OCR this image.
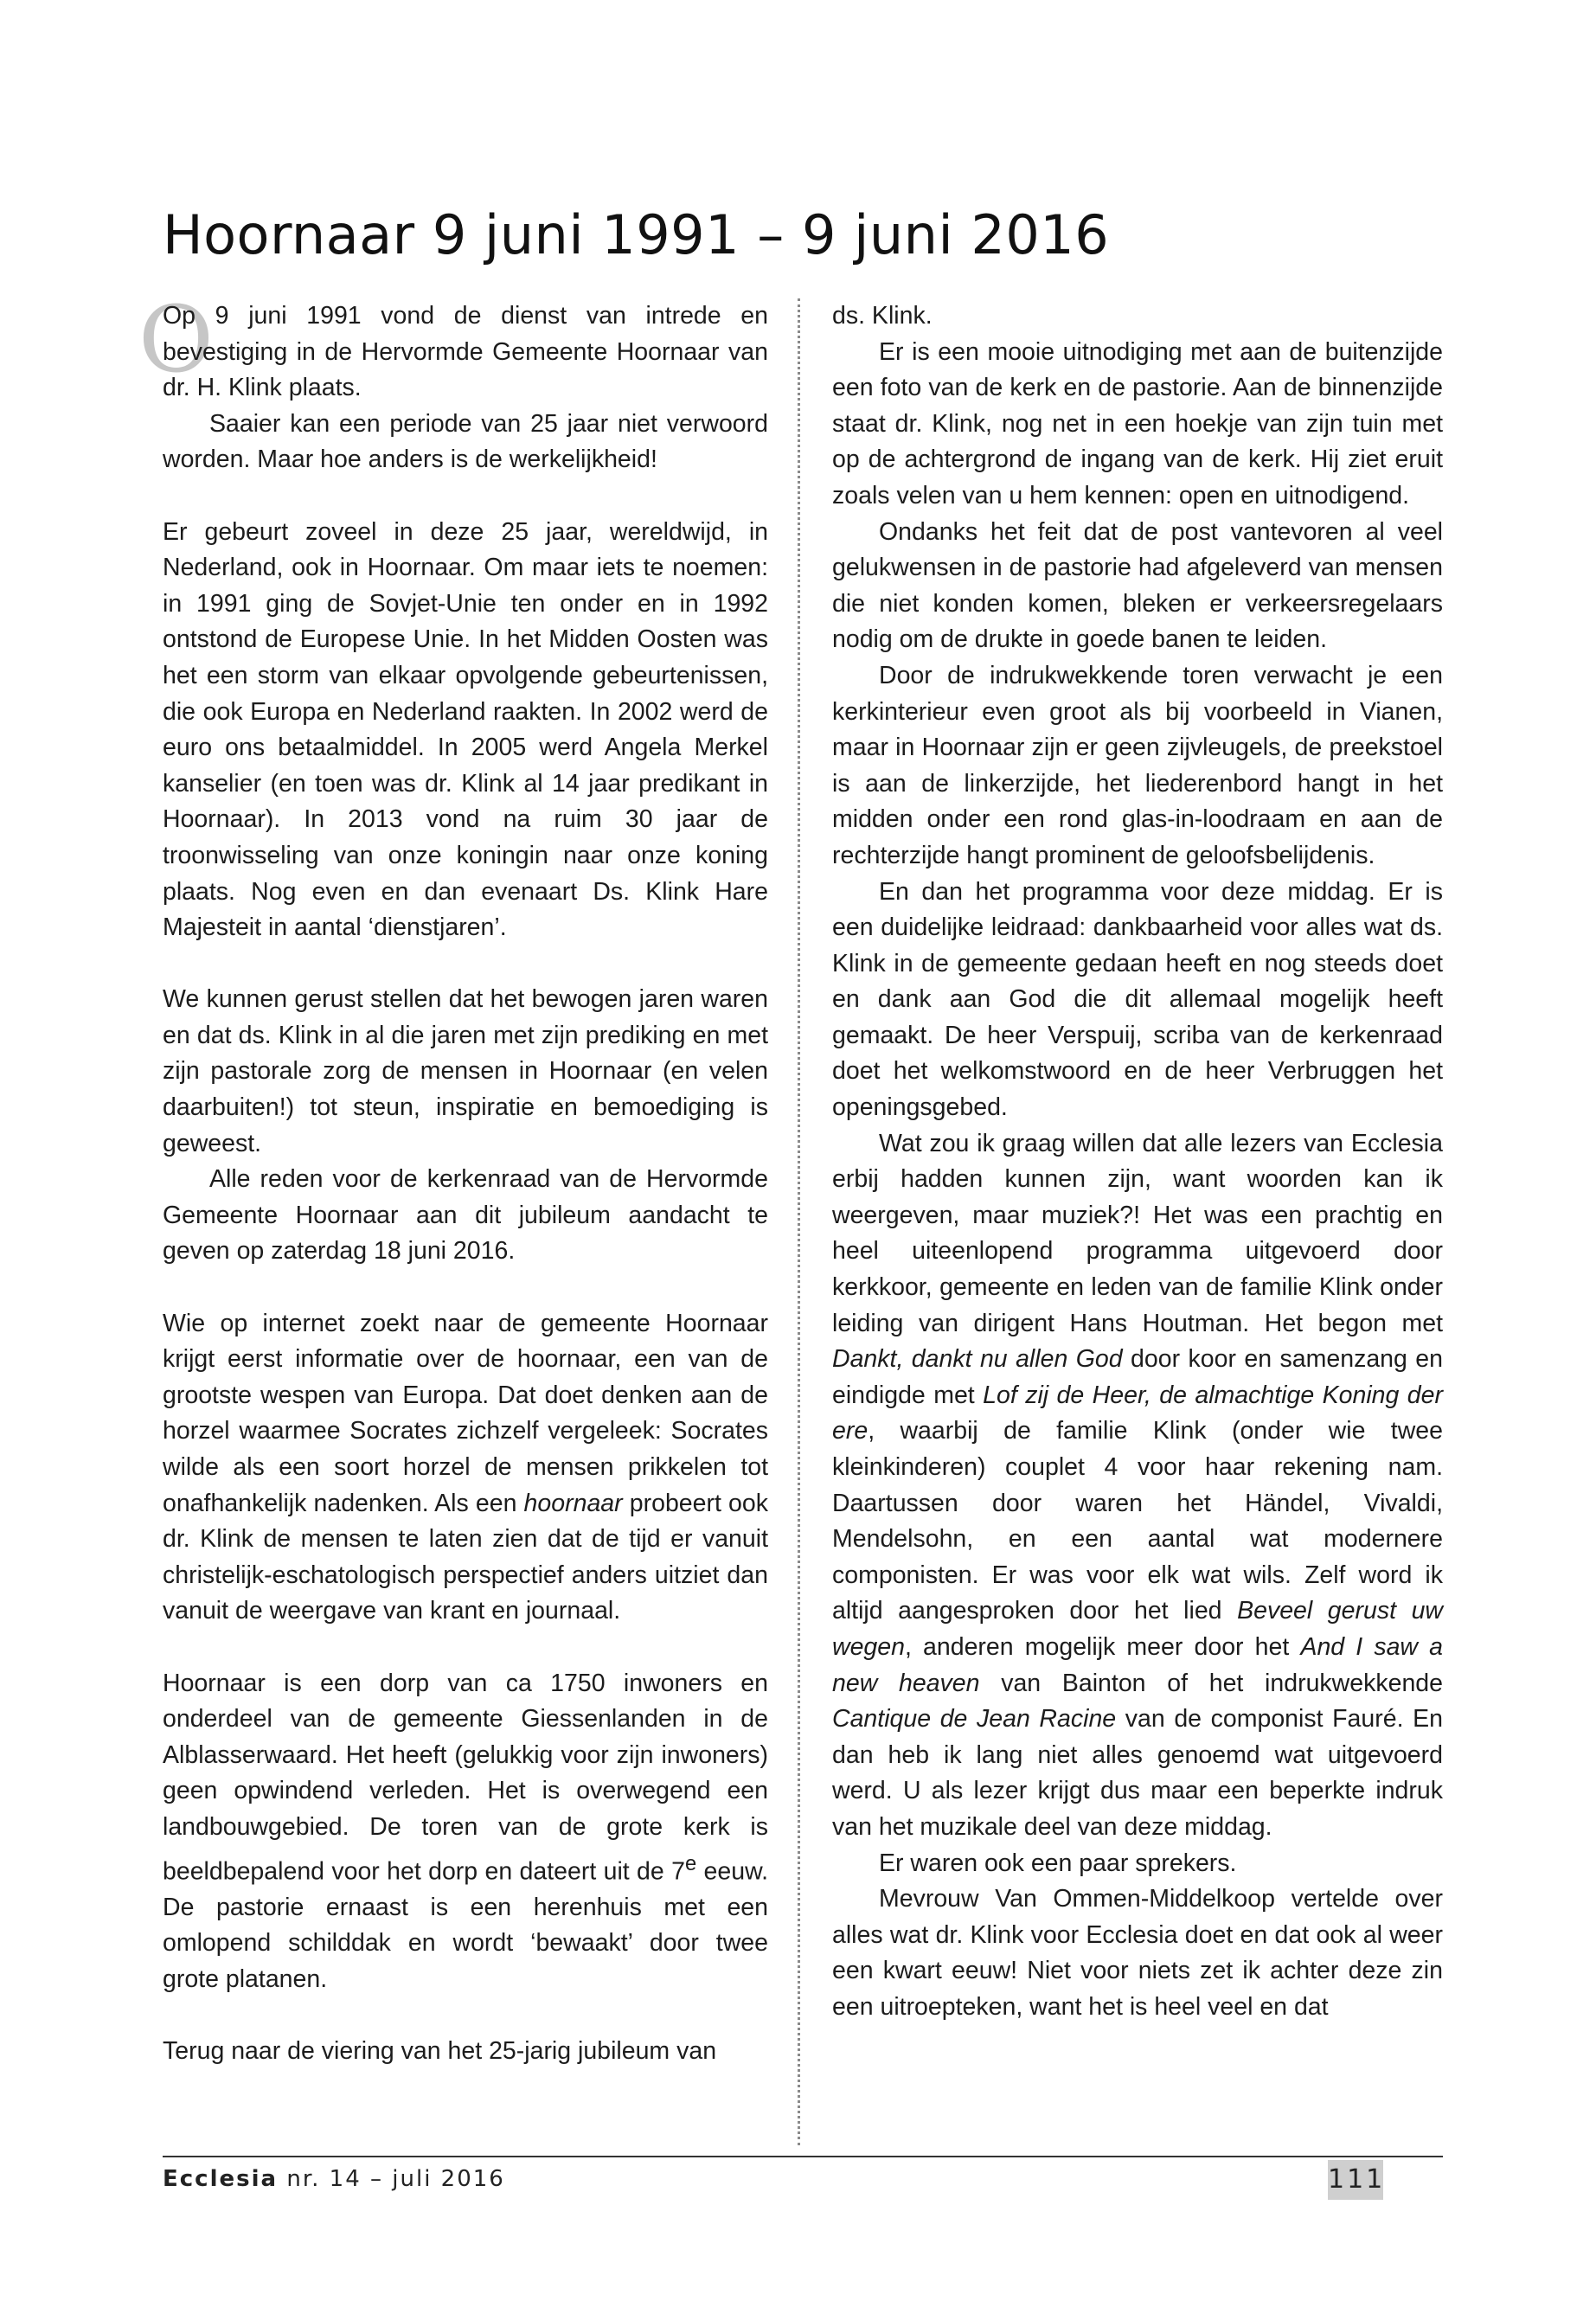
Hoornaar 9 juni 1991 – 9 juni 2016
O

Op 9 juni 1991 vond de dienst van intrede en bevestiging in de Hervormde Gemeente Hoornaar van dr. H. Klink plaats.

Saaier kan een periode van 25 jaar niet verwoord worden. Maar hoe anders is de werkelijkheid!

Er gebeurt zoveel in deze 25 jaar, wereldwijd, in Nederland, ook in Hoornaar. Om maar iets te noemen: in 1991 ging de Sovjet-Unie ten onder en in 1992 ontstond de Europese Unie. In het Midden Oosten was het een storm van elkaar opvolgende gebeurtenissen, die ook Europa en Nederland raakten. In 2002 werd de euro ons betaalmiddel. In 2005 werd Angela Merkel kanselier (en toen was dr. Klink al 14 jaar predikant in Hoornaar). In 2013 vond na ruim 30 jaar de troonwisseling van onze koningin naar onze koning plaats. Nog even en dan evenaart Ds. Klink Hare Majesteit in aantal ‘dienstjaren’.

We kunnen gerust stellen dat het bewogen jaren waren en dat ds. Klink in al die jaren met zijn prediking en met zijn pastorale zorg de mensen in Hoornaar (en velen daarbuiten!) tot steun, inspiratie en bemoediging is geweest.

Alle reden voor de kerkenraad van de Hervormde Gemeente Hoornaar aan dit jubileum aandacht te geven op zaterdag 18 juni 2016.

Wie op internet zoekt naar de gemeente Hoornaar krijgt eerst informatie over de hoornaar, een van de grootste wespen van Europa. Dat doet denken aan de horzel waarmee Socrates zichzelf vergeleek: Socrates wilde als een soort horzel de mensen prikkelen tot onafhankelijk nadenken. Als een hoornaar probeert ook dr. Klink de mensen te laten zien dat de tijd er vanuit christelijk-eschatologisch perspectief anders uitziet dan vanuit de weergave van krant en journaal.

Hoornaar is een dorp van ca 1750 inwoners en onderdeel van de gemeente Giessenlanden in de Alblasserwaard. Het heeft (gelukkig voor zijn inwoners) geen opwindend verleden. Het is overwegend een landbouwgebied. De toren van de grote kerk is beeldbepalend voor het dorp en dateert uit de 7e eeuw. De pastorie ernaast is een herenhuis met een omlopend schilddak en wordt ‘bewaakt’ door twee grote platanen.

Terug naar de viering van het 25-jarig jubileum van

ds. Klink.

Er is een mooie uitnodiging met aan de buitenzijde een foto van de kerk en de pastorie. Aan de binnenzijde staat dr. Klink, nog net in een hoekje van zijn tuin met op de achtergrond de ingang van de kerk. Hij ziet eruit zoals velen van u hem kennen: open en uitnodigend.

Ondanks het feit dat de post vantevoren al veel gelukwensen in de pastorie had afgeleverd van mensen die niet konden komen, bleken er verkeersregelaars nodig om de drukte in goede banen te leiden.

Door de indrukwekkende toren verwacht je een kerkinterieur even groot als bij voorbeeld in Vianen, maar in Hoornaar zijn er geen zijvleugels, de preekstoel is aan de linkerzijde, het liederenbord hangt in het midden onder een rond glas-in-loodraam en aan de rechterzijde hangt prominent de geloofsbelijdenis.

En dan het programma voor deze middag. Er is een duidelijke leidraad: dankbaarheid voor alles wat ds. Klink in de gemeente gedaan heeft en nog steeds doet en dank aan God die dit allemaal mogelijk heeft gemaakt. De heer Verspuij, scriba van de kerkenraad doet het welkomstwoord en de heer Verbruggen het openingsgebed.

Wat zou ik graag willen dat alle lezers van Ecclesia erbij hadden kunnen zijn, want woorden kan ik weergeven, maar muziek?! Het was een prachtig en heel uiteenlopend programma uitgevoerd door kerkkoor, gemeente en leden van de familie Klink onder leiding van dirigent Hans Houtman. Het begon met Dankt, dankt nu allen God door koor en samenzang en eindigde met Lof zij de Heer, de almachtige Koning der ere, waarbij de familie Klink (onder wie twee kleinkinderen) couplet 4 voor haar rekening nam. Daartussen door waren het Händel, Vivaldi, Mendelsohn, en een aantal wat modernere componisten. Er was voor elk wat wils. Zelf word ik altijd aangesproken door het lied Beveel gerust uw wegen, anderen mogelijk meer door het And I saw a new heaven van Bainton of het indrukwekkende Cantique de Jean Racine van de componist Fauré. En dan heb ik lang niet alles genoemd wat uitgevoerd werd. U als lezer krijgt dus maar een beperkte indruk van het muzikale deel van deze middag.

Er waren ook een paar sprekers.

Mevrouw Van Ommen-Middelkoop vertelde over alles wat dr. Klink voor Ecclesia doet en dat ook al weer een kwart eeuw! Niet voor niets zet ik achter deze zin een uitroepteken, want het is heel veel en dat

Ecclesia nr. 14 – juli 2016	111
